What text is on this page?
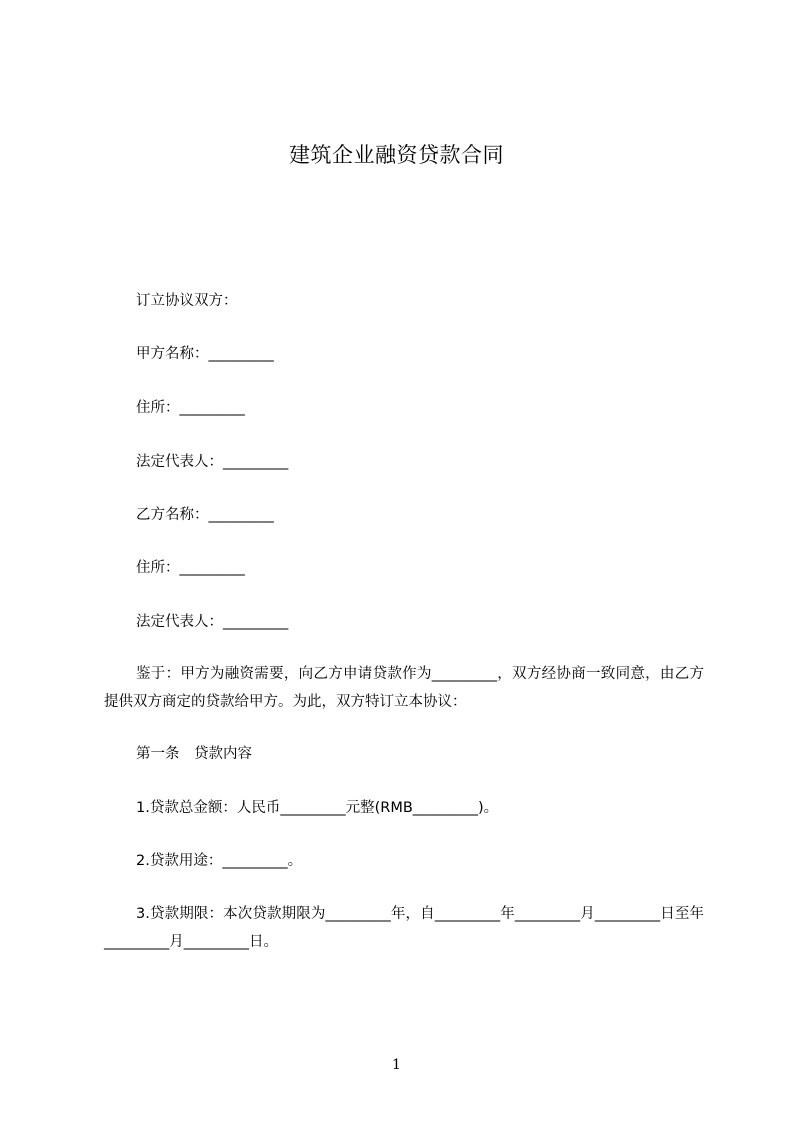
建筑企业融资贷款合同
订立协议双方：
甲方名称：_________
住所：_________
法定代表人：_________
乙方名称：_________
住所：_________
法定代表人：_________
鉴于：甲方为融资需要，向乙方申请贷款作为_________，双方经协商一致同意，由乙方提供双方商定的贷款给甲方。为此，双方特订立本协议：
第一条　贷款内容
1.贷款总金额：人民币_________元整(RMB_________)。
2.贷款用途：_________。
3.贷款期限：本次贷款期限为_________年，自_________年_________月_________日至年_________月_________日。
1
